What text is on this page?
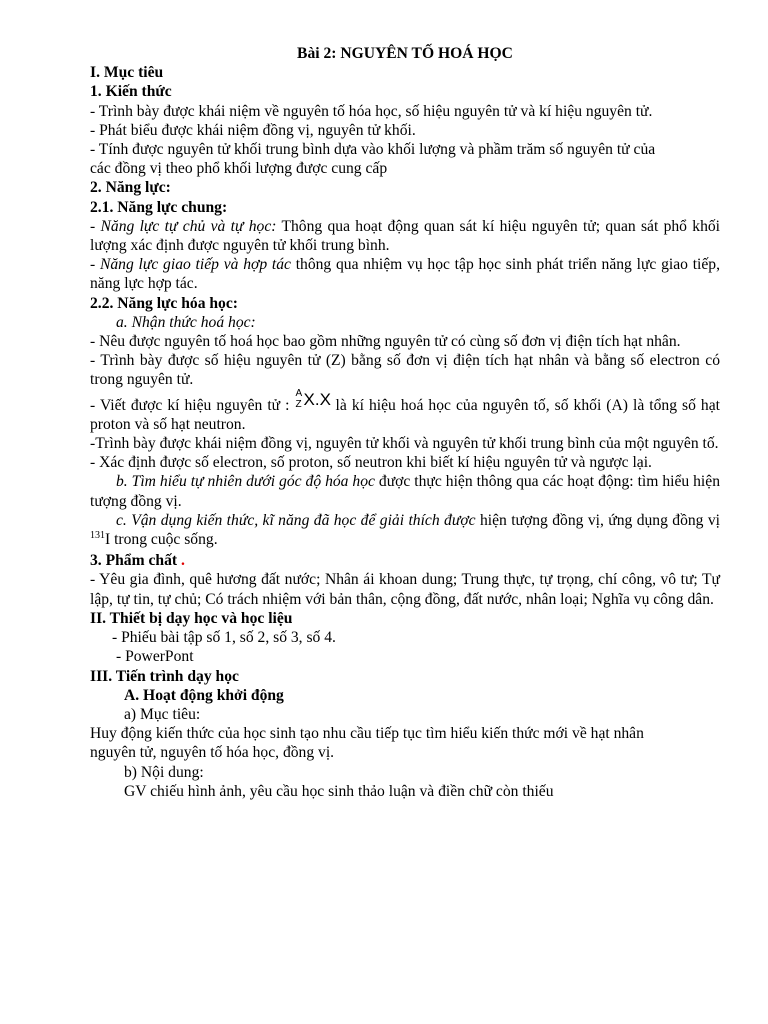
Bài 2: NGUYÊN TỐ HOÁ HỌC

I. Mục tiêu

1. Kiến thức

- Trình bày được khái niệm về nguyên tố hóa học, số hiệu nguyên tử và kí hiệu nguyên tử.

- Phát biểu được khái niệm đồng vị, nguyên tử khối.

- Tính được nguyên tử khối trung bình dựa vào khối lượng và phầm trăm số nguyên tử của

các đồng vị theo phổ khối lượng được cung cấp

2. Năng lực:

2.1. Năng lực chung:

- Năng lực tự chủ và tự học: Thông qua hoạt động quan sát kí hiệu nguyên tử; quan sát phổ khối lượng xác định được nguyên tử khối trung bình.

- Năng lực giao tiếp và hợp tác thông qua nhiệm vụ học tập học sinh phát triển năng lực giao tiếp, năng lực hợp tác.

2.2. Năng lực hóa học:

a. Nhận thức hoá học:

- Nêu được nguyên tố hoá học bao gồm những nguyên tử có cùng số đơn vị điện tích hạt nhân.

- Trình bày được số hiệu nguyên tử (Z) bằng số đơn vị điện tích hạt nhân và bằng số electron có trong nguyên tử.

- Viết được kí hiệu nguyên tử :
A
Z X.X là kí hiệu hoá học của nguyên tố, số khối (A) là tổng số hạt proton và số hạt neutron.

-Trình bày được khái niệm đồng vị, nguyên tử khối và nguyên tử khối trung bình của một nguyên tố.

- Xác định được số electron, số proton, số neutron khi biết kí hiệu nguyên tử và ngược lại.

b. Tìm hiểu tự nhiên dưới góc độ hóa học được thực hiện thông qua các hoạt động: tìm hiểu hiện tượng đồng vị.

c. Vận dụng kiến thức, kĩ năng đã học để giải thích được hiện tượng đồng vị, ứng dụng đồng vị $^{131}$I trong cuộc sống.

3. Phẩm chất .

- Yêu gia đình, quê hương đất nước; Nhân ái khoan dung; Trung thực, tự trọng, chí công, vô tư; Tự lập, tự tin, tự chủ; Có trách nhiệm với bản thân, cộng đồng, đất nước, nhân loại; Nghĩa vụ công dân.

II. Thiết bị dạy học và học liệu

- Phiếu bài tập số 1, số 2, số 3, số 4.

- PowerPont

III. Tiến trình dạy học

A. Hoạt động khởi động

a) Mục tiêu:

Huy động kiến thức của học sinh tạo nhu cầu tiếp tục tìm hiểu kiến thức mới về hạt nhân

nguyên tử, nguyên tố hóa học, đồng vị.

b) Nội dung:

GV chiếu hình ảnh, yêu cầu học sinh thảo luận và điền chữ còn thiếu
